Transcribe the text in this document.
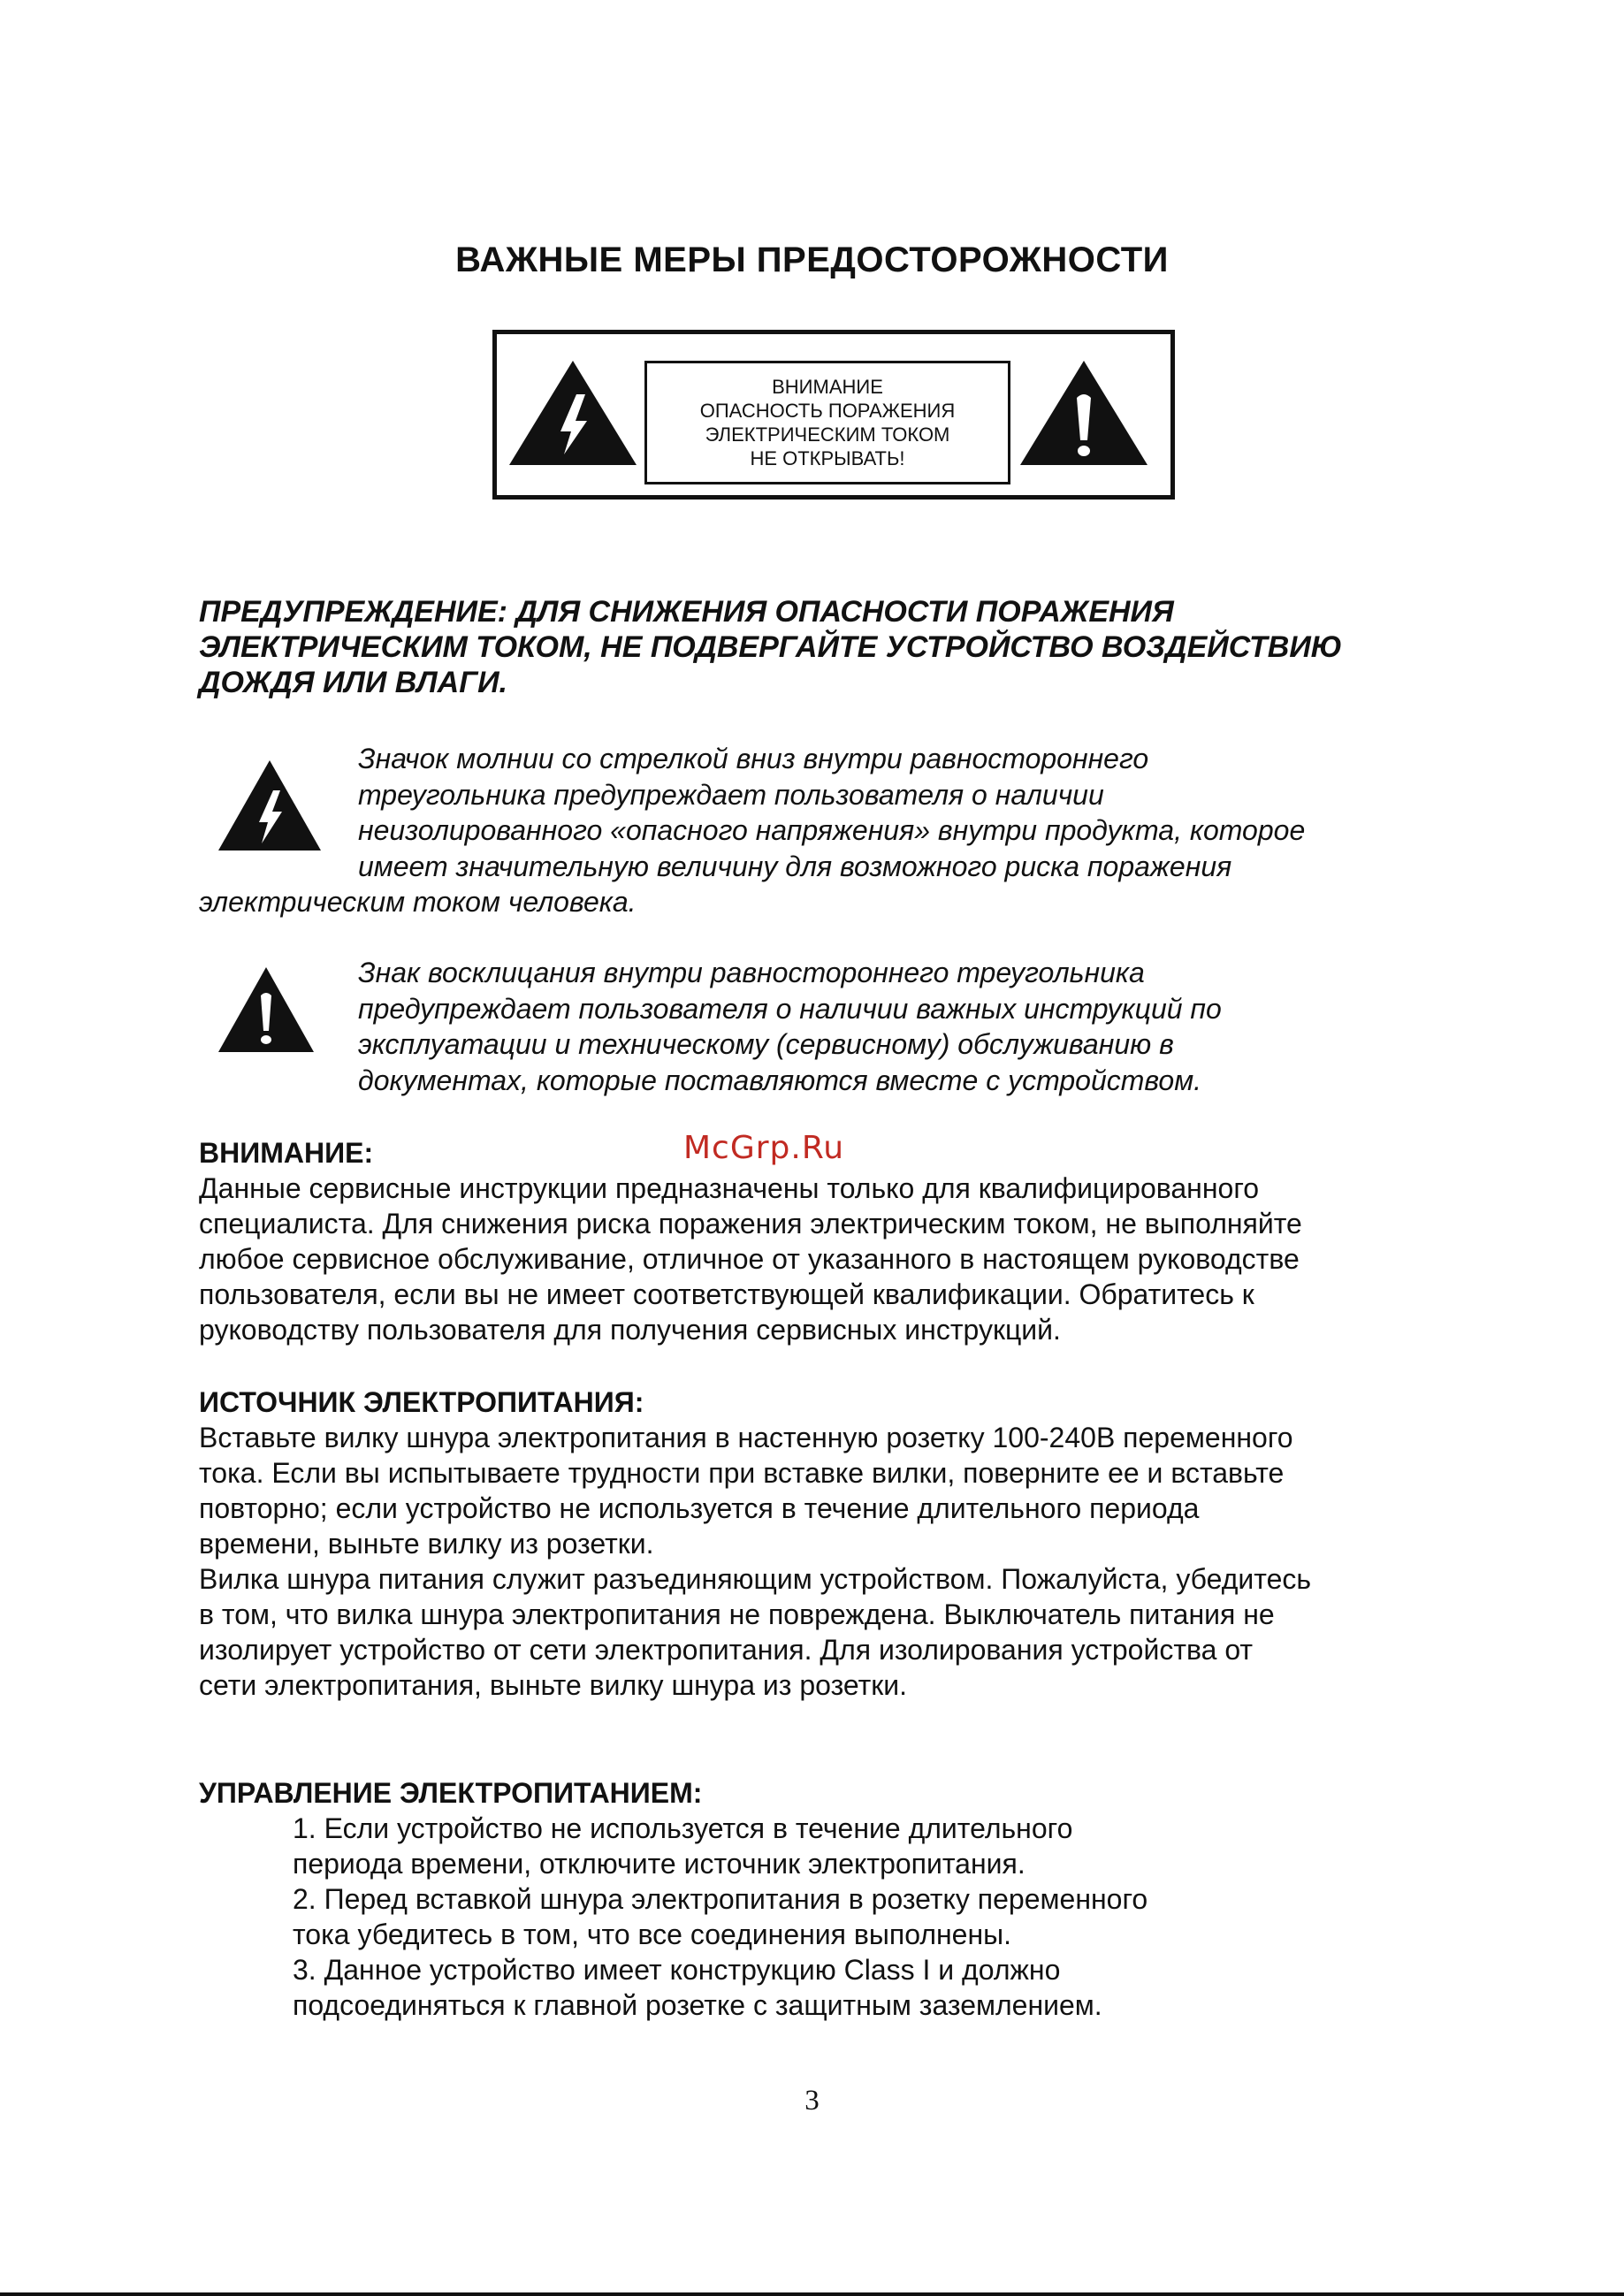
ВАЖНЫЕ МЕРЫ ПРЕДОСТОРОЖНОСТИ
ВНИМАНИЕ
ОПАСНОСТЬ ПОРАЖЕНИЯ
ЭЛЕКТРИЧЕСКИМ ТОКОМ
НЕ ОТКРЫВАТЬ!
ПРЕДУПРЕЖДЕНИЕ: ДЛЯ СНИЖЕНИЯ ОПАСНОСТИ ПОРАЖЕНИЯ
ЭЛЕКТРИЧЕСКИМ ТОКОМ, НЕ ПОДВЕРГАЙТЕ УСТРОЙСТВО ВОЗДЕЙСТВИЮ
ДОЖДЯ ИЛИ ВЛАГИ.

Значок молнии со стрелкой вниз внутри равностороннего
треугольника предупреждает пользователя о наличии
неизолированного «опасного напряжения» внутри продукта, которое
имеет значительную величину для возможного риска поражения
электрическим током человека.

Знак восклицания внутри равностороннего треугольника
предупреждает пользователя о наличии важных инструкций по
эксплуатации и техническому (сервисному) обслуживанию в
документах, которые поставляются вместе с устройством.

McGrp.Ru
ВНИМАНИЕ:

Данные сервисные инструкции предназначены только для квалифицированного

специалиста. Для снижения риска поражения электрическим током, не выполняйте

любое сервисное обслуживание, отличное от указанного в настоящем руководстве

пользователя, если вы не имеет соответствующей квалификации. Обратитесь к

руководству пользователя для получения сервисных инструкций.

ИСТОЧНИК ЭЛЕКТРОПИТАНИЯ:

Вставьте вилку шнура электропитания в настенную розетку 100-240В переменного

тока. Если вы испытываете трудности при вставке вилки, поверните ее и вставьте

повторно; если устройство не используется в течение длительного периода

времени, выньте вилку из розетки.

Вилка шнура питания служит разъединяющим устройством. Пожалуйста, убедитесь

в том, что вилка шнура электропитания не повреждена. Выключатель питания не

изолирует устройство от сети электропитания. Для изолирования устройства от

сети электропитания, выньте вилку шнура из розетки.

УПРАВЛЕНИЕ ЭЛЕКТРОПИТАНИЕМ:

1. Если устройство не используется в течение длительного

периода времени, отключите источник электропитания.

2. Перед вставкой шнура электропитания в розетку переменного

тока убедитесь в том, что все соединения выполнены.

3. Данное устройство имеет конструкцию Class I и должно

подсоединяться к главной розетке с защитным заземлением.

3
